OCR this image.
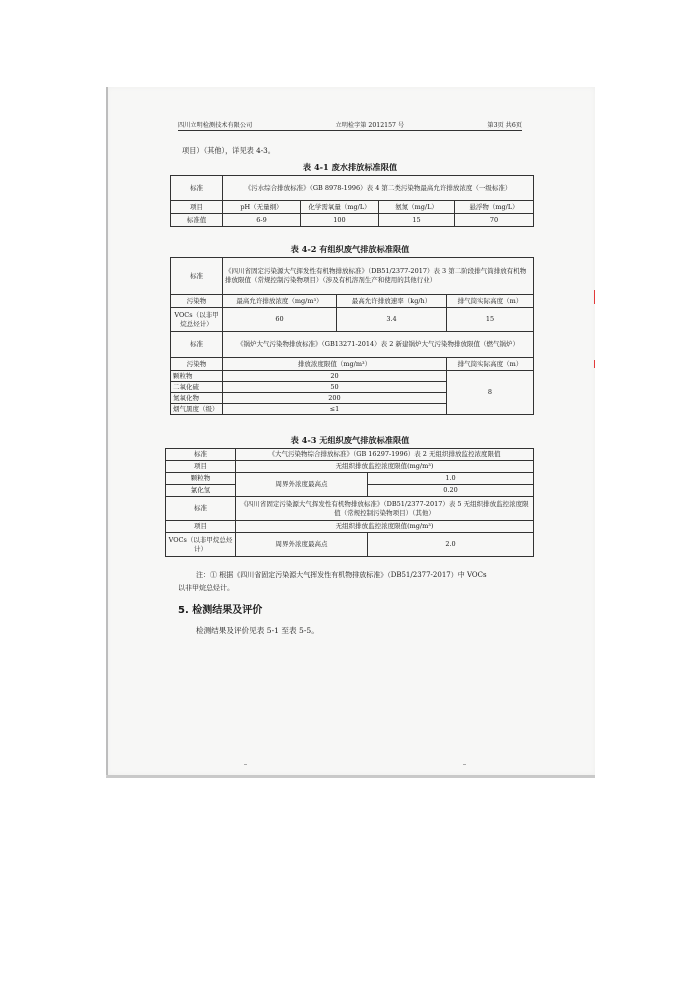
四川立明检测技术有限公司	立明检字第 2012157 号	第3页 共6页
项目）（其他），详见表 4-3。
表 4-1 废水排放标准限值
标准	《污水综合排放标准》（GB 8978-1996）表 4 第二类污染物最高允许排放浓度（一级标准）			
项目	pH（无量纲）	化学需氧量（mg/L）	氨氮（mg/L）	悬浮物（mg/L）
标准值	6-9	100	15	70
表 4-2 有组织废气排放标准限值
标准	《四川省固定污染源大气挥发性有机物排放标准》（DB51/2377-2017）表 3 第二阶段排气筒排放有机物排放限值（常规控制污染物项目）（涉及有机溶剂生产和使用的其他行业）		
污染物	最高允许排放浓度（mg/m³）	最高允许排放速率（kg/h）	排气筒实际高度（m）
VOCs（以非甲烷总烃计）	60	3.4	15
标准	《锅炉大气污染物排放标准》（GB13271-2014）表 2 新建锅炉大气污染物排放限值（燃气锅炉）		
污染物	排放浓度限值（mg/m³）		排气筒实际高度（m）
颗粒物	20		8
二氧化硫	50		
氮氧化物	200		
烟气黑度（级）	≤1		
表 4-3 无组织废气排放标准限值
标准	《大气污染物综合排放标准》（GB 16297-1996）表 2 无组织排放监控浓度限值	
项目	无组织排放监控浓度限值(mg/m³)	
颗粒物	周界外浓度最高点	1.0
氯化氢		0.20
标准	《四川省固定污染源大气挥发性有机物排放标准》（DB51/2377-2017）表 5 无组织排放监控浓度限值（常规控制污染物项目）（其他）	
项目	无组织排放监控浓度限值(mg/m³)	
VOCs（以非甲烷总烃计）	周界外浓度最高点	2.0
注：① 根据《四川省固定污染源大气挥发性有机物排放标准》（DB51/2377-2017）中 VOCs
以非甲烷总烃计。
5. 检测结果及评价
检测结果及评价见表 5-1 至表 5-5。
